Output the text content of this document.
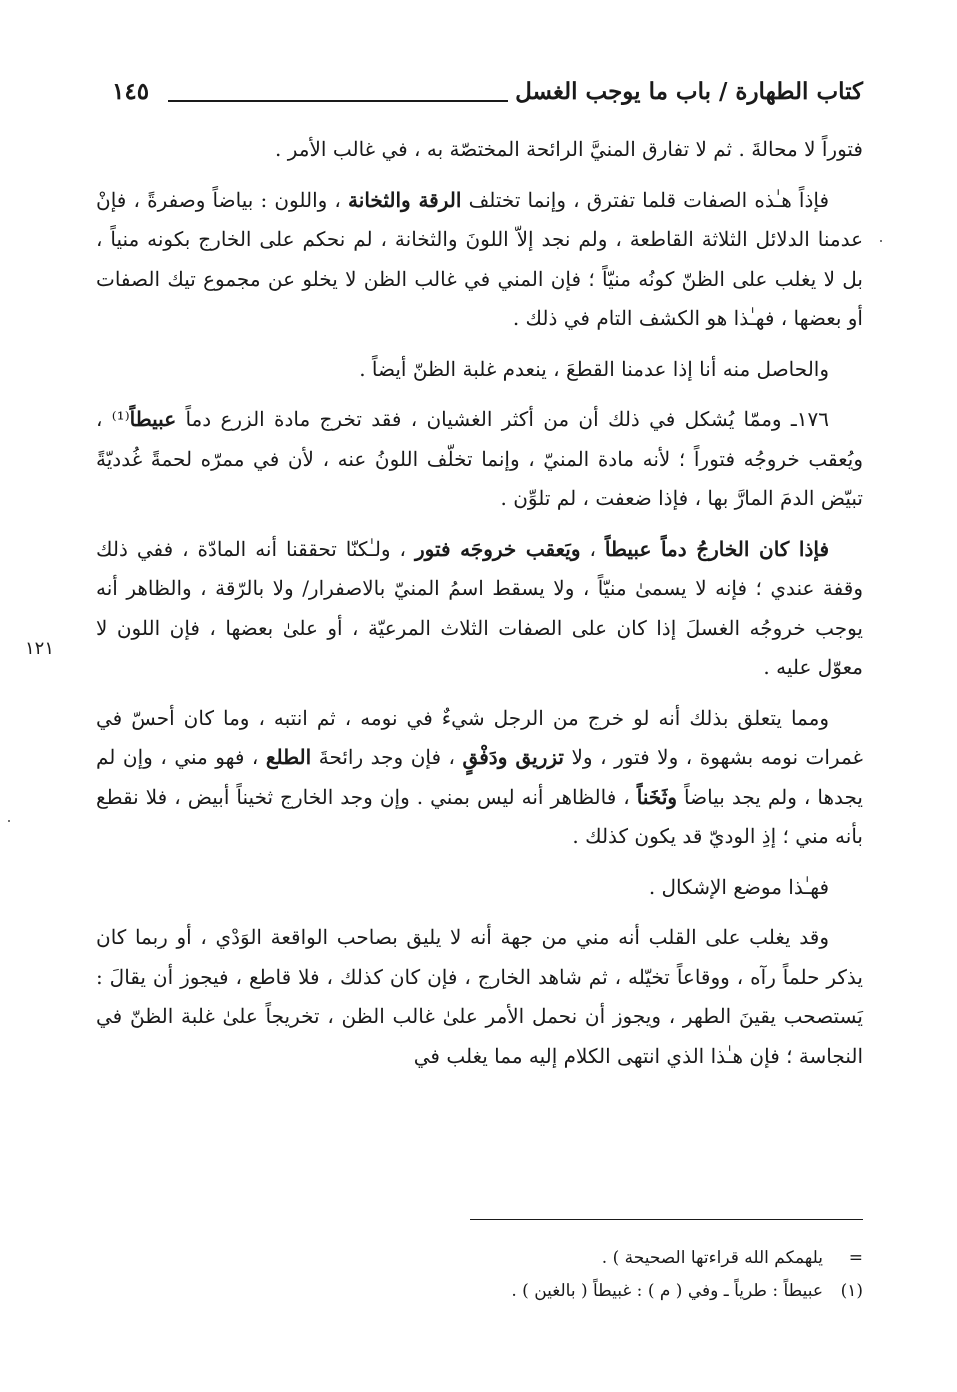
كتاب الطهارة / باب ما يوجب الغسل
١٤٥

فتوراً لا محالةَ . ثم لا تفارق المنيَّ الرائحة المختصّة به ، في غالب الأمر .

فإذاً هـٰذه الصفات قلما تفترق ، وإنما تختلف الرقة والثخانة ، واللون : بياضاً وصفرةً ، فإنْ عدمنا الدلائل الثلاثة القاطعة ، ولم نجد إلاّ اللونَ والثخانة ، لم نحكم على الخارج بكونه منياً ، بل لا يغلب على الظنّ كونُه منيّاً ؛ فإن المني في غالب الظن لا يخلو عن مجموع تيك الصفات أو بعضها ، فهـٰذا هو الكشف التام في ذلك .

والحاصل منه أنا إذا عدمنا القطعَ ، ينعدم غلبة الظنّ أيضاً .

١٧٦ـ وممّا يُشكل في ذلك أن من أكثر الغشيان ، فقد تخرج مادة الزرع دماً عبيطاً⁽¹⁾ ، ويُعقب خروجُه فتوراً ؛ لأنه مادة المنيّ ، وإنما تخلّف اللونُ عنه ، لأن في ممرّه لحمةً غُدديّةً تبيّض الدمَ المارَّ بها ، فإذا ضعفت ، لم تلوِّن .

فإذا كان الخارجُ دماً عبيطاً ، ويَعقب خروجَه فتور ، ولـٰكنّا تحققنا أنه المادّة ، ففي ذلك وقفة عندي ؛ فإنه لا يسمىٰ منيّاً ، ولا يسقط اسمُ المنيّ بالاصفرار/ ولا بالرّقة ، والظاهر أنه يوجب خروجُه الغسلَ إذا كان على الصفات الثلاث المرعيّة ، أو علىٰ بعضها ، فإن اللون لا معوّل عليه .

ومما يتعلق بذلك أنه لو خرج من الرجل شيءٌ في نومه ، ثم انتبه ، وما كان أحسّ في غمرات نومه بشهوة ، ولا فتور ، ولا تزريق ودَفْقٍ ، فإن وجد رائحةَ الطلع ، فهو مني ، وإن لم يجدها ، ولم يجد بياضاً وثَخَناً ، فالظاهر أنه ليس بمني . وإن وجد الخارج ثخيناً أبيض ، فلا نقطع بأنه مني ؛ إذِ الوديّ قد يكون كذلك .

فهـٰذا موضع الإشكال .

وقد يغلب على القلب أنه مني من جهة أنه لا يليق بصاحب الواقعة الوَدْي ، أو ربما كان يذكر حلماً رآه ، ووقاعاً تخيّله ، ثم شاهد الخارج ، فإن كان كذلك ، فلا قاطع ، فيجوز أن يقالَ : يَستصحب يقينَ الطهر ، ويجوز أن نحمل الأمر علىٰ غالب الظن ، تخريجاً علىٰ غلبة الظنّ في النجاسة ؛ فإن هـٰذا الذي انتهى الكلام إليه مما يغلب في

١٢١

=يلهمكم الله قراءتها الصحيحة ) .

(١)عبيطاً : طرياً ـ وفي ( م ) : غبيطاً ( بالغين ) .
